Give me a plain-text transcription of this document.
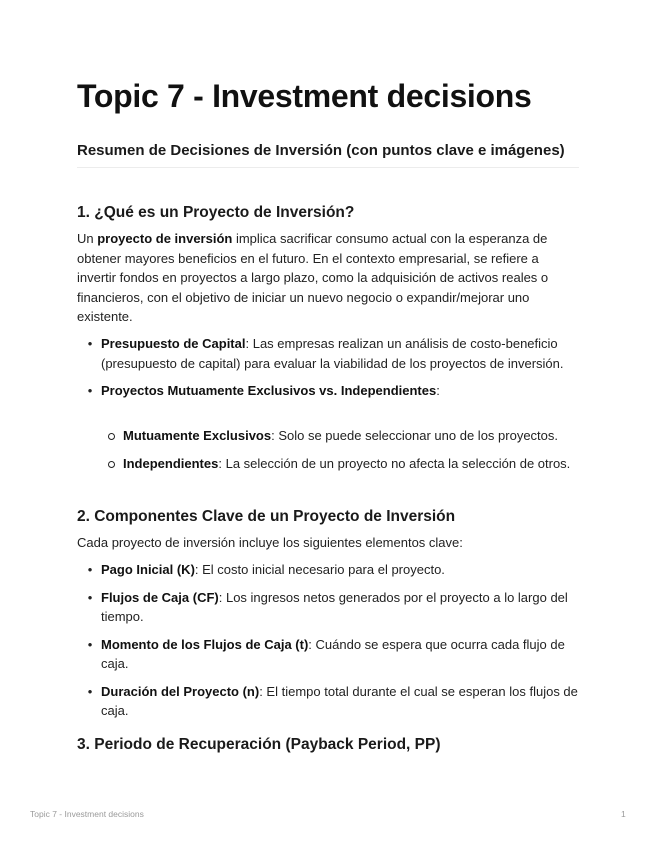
Topic 7 - Investment decisions
Resumen de Decisiones de Inversión (con puntos clave e imágenes)
1. ¿Qué es un Proyecto de Inversión?

Un proyecto de inversión implica sacrificar consumo actual con la esperanza de obtener mayores beneficios en el futuro. En el contexto empresarial, se refiere a invertir fondos en proyectos a largo plazo, como la adquisición de activos reales o financieros, con el objetivo de iniciar un nuevo negocio o expandir/mejorar uno existente.

• Presupuesto de Capital: Las empresas realizan un análisis de costo-beneficio (presupuesto de capital) para evaluar la viabilidad de los proyectos de inversión.
• Proyectos Mutuamente Exclusivos vs. Independientes:
Mutuamente Exclusivos: Solo se puede seleccionar uno de los proyectos.
Independientes: La selección de un proyecto no afecta la selección de otros.
2. Componentes Clave de un Proyecto de Inversión

Cada proyecto de inversión incluye los siguientes elementos clave:

• Pago Inicial (K): El costo inicial necesario para el proyecto.
• Flujos de Caja (CF): Los ingresos netos generados por el proyecto a lo largo del tiempo.
• Momento de los Flujos de Caja (t): Cuándo se espera que ocurra cada flujo de caja.
• Duración del Proyecto (n): El tiempo total durante el cual se esperan los flujos de caja.
3. Periodo de Recuperación (Payback Period, PP)
Topic 7 - Investment decisions	1
